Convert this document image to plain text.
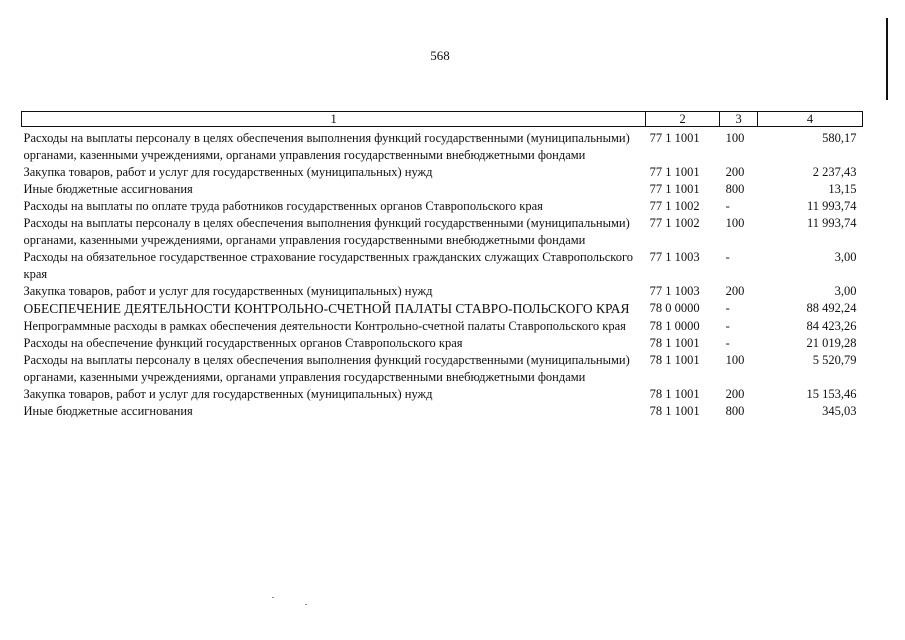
568
1	2	3	4
Расходы на выплаты персоналу в целях обеспечения выполнения функций государственными (муниципальными) органами, казенными учреждениями, органами управления государственными внебюджетными фондами	77 1 1001	100	580,17
Закупка товаров, работ и услуг для государственных (муниципальных) нужд	77 1 1001	200	2 237,43
Иные бюджетные ассигнования	77 1 1001	800	13,15
Расходы на выплаты по оплате труда работников государственных органов Ставропольского края	77 1 1002	-	11 993,74
Расходы на выплаты персоналу в целях обеспечения выполнения функций государственными (муниципальными) органами, казенными учреждениями, органами управления государственными внебюджетными фондами	77 1 1002	100	11 993,74
Расходы на обязательное государственное страхование государственных гражданских служащих Ставропольского края	77 1 1003	-	3,00
Закупка товаров, работ и услуг для государственных (муниципальных) нужд	77 1 1003	200	3,00
ОБЕСПЕЧЕНИЕ ДЕЯТЕЛЬНОСТИ КОНТРОЛЬНО-СЧЕТНОЙ ПАЛАТЫ СТАВРО-ПОЛЬСКОГО КРАЯ	78 0 0000	-	88 492,24
Непрограммные расходы в рамках обеспечения деятельности Контрольно-счетной палаты Ставропольского края	78 1 0000	-	84 423,26
Расходы на обеспечение функций государственных органов Ставропольского края	78 1 1001	-	21 019,28
Расходы на выплаты персоналу в целях обеспечения выполнения функций государственными (муниципальными) органами, казенными учреждениями, органами управления государственными внебюджетными фондами	78 1 1001	100	5 520,79
Закупка товаров, работ и услуг для государственных (муниципальных) нужд	78 1 1001	200	15 153,46
Иные бюджетные ассигнования	78 1 1001	800	345,03
